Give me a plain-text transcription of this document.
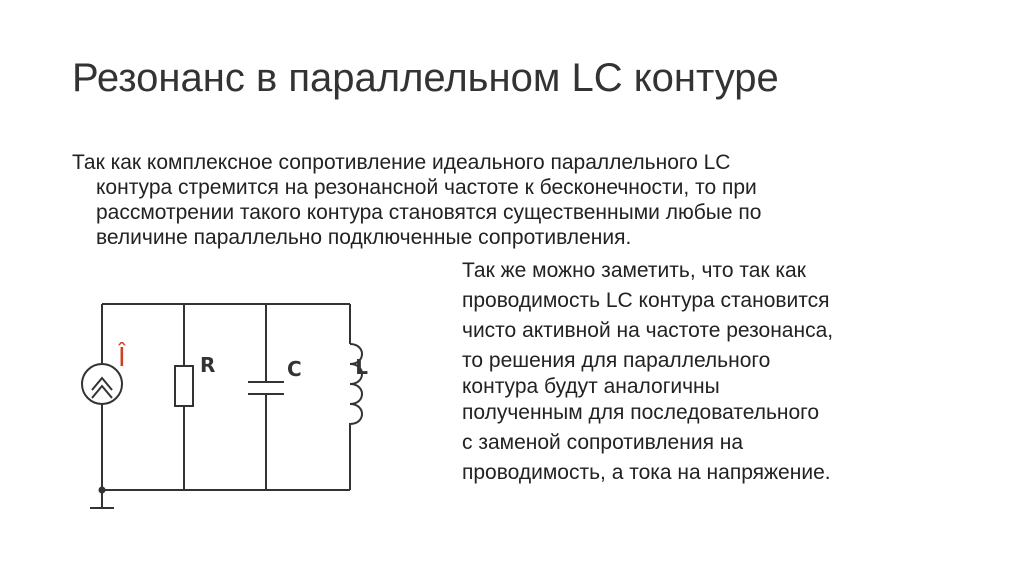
Резонанс в параллельном LC контуре

Так как комплексное сопротивление идеального параллельного LC
контура стремится на резонансной частоте к бесконечности, то при
рассмотрении такого контура становятся существенными любые по
величине параллельно подключенные сопротивления.

Î	R	C	L

Так же можно заметить, что так как
проводимость LC контура становится
чисто активной на частоте резонанса,
то решения для параллельного
контура будут аналогичны
полученным для последовательного
с заменой сопротивления на
проводимость, а тока на напряжение.
